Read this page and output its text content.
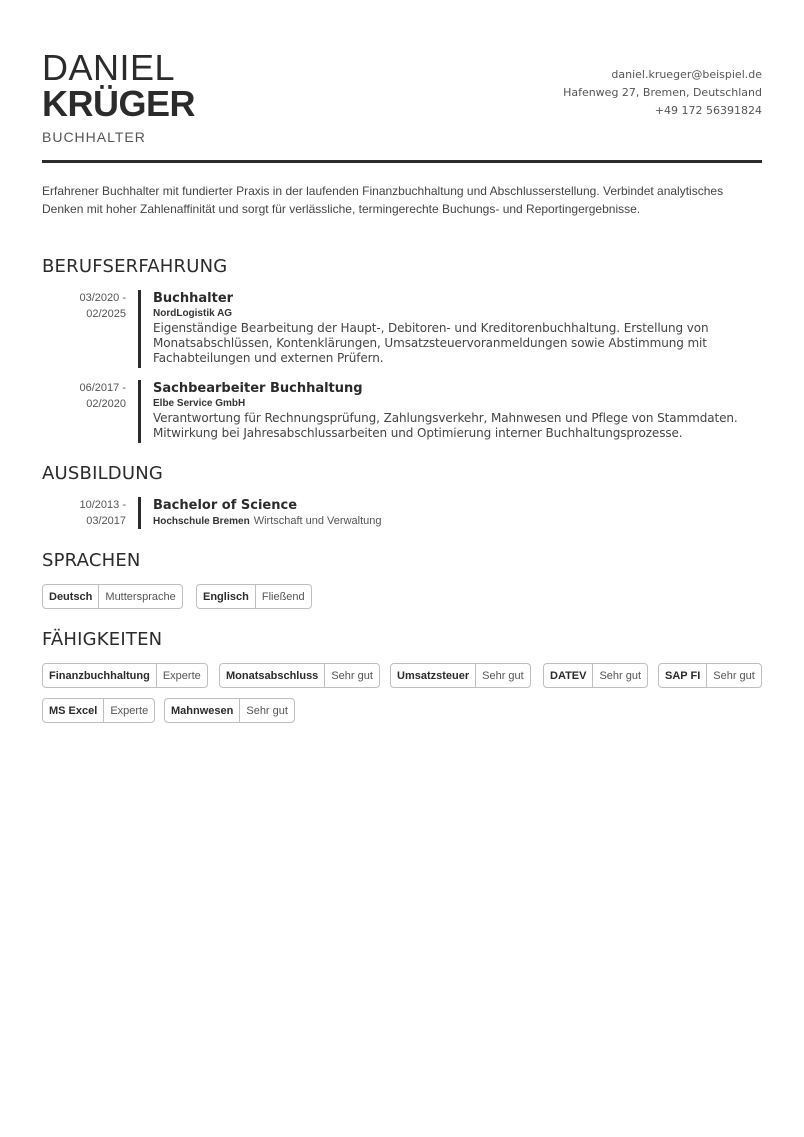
DANIEL
KRÜGER
BUCHHALTER
daniel.krueger@beispiel.de
Hafenweg 27, Bremen, Deutschland
+49 172 56391824
Erfahrener Buchhalter mit fundierter Praxis in der laufenden Finanzbuchhaltung und Abschlusserstellung. Verbindet analytisches Denken mit hoher Zahlenaffinität und sorgt für verlässliche, termingerechte Buchungs- und Reportingergebnisse.
BERUFSERFAHRUNG
03/2020 -
02/2025
Buchhalter
NordLogistik AG
Eigenständige Bearbeitung der Haupt-, Debitoren- und Kreditorenbuchhaltung. Erstellung von Monatsabschlüssen, Kontenklärungen, Umsatzsteuervoranmeldungen sowie Abstimmung mit Fachabteilungen und externen Prüfern.
06/2017 -
02/2020
Sachbearbeiter Buchhaltung
Elbe Service GmbH
Verantwortung für Rechnungsprüfung, Zahlungsverkehr, Mahnwesen und Pflege von Stammdaten. Mitwirkung bei Jahresabschlussarbeiten und Optimierung interner Buchhaltungsprozesse.
AUSBILDUNG
10/2013 -
03/2017
Bachelor of Science
Hochschule Bremen Wirtschaft und Verwaltung
SPRACHEN
Deutsch	Muttersprache	Englisch	Fließend
FÄHIGKEITEN
Finanzbuchhaltung	Experte	Monatsabschluss	Sehr gut	Umsatzsteuer	Sehr gut	DATEV	Sehr gut	SAP FI	Sehr gut
MS Excel	Experte	Mahnwesen	Sehr gut
